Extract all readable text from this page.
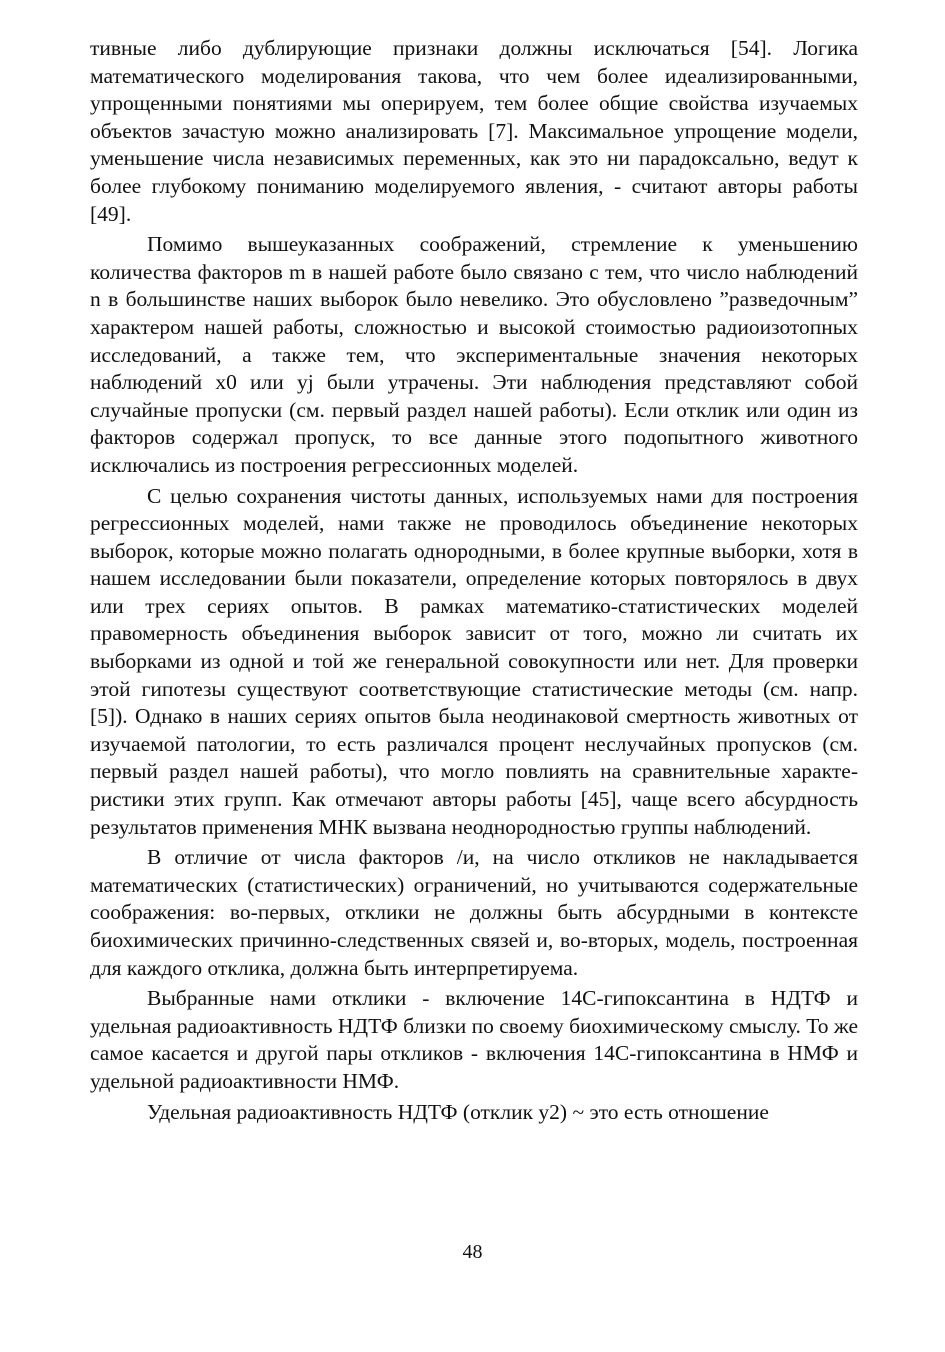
тивные либо дублирующие признаки должны исключаться [54]. Логика математического моделирования такова, что чем более идеализированными, упрощенными понятиями мы оперируем, тем более общие свойства изучаемых объектов зачастую можно анализировать [7]. Максимальное упрощение модели, уменьшение числа независимых переменных, как это ни парадоксально, ведут к более глубокому пониманию моделируемого явления, - считают авторы работы [49].

Помимо вышеуказанных соображений, стремление к уменьшению количества факторов m в нашей работе было связано с тем, что число наблюдений n в большинстве наших выборок было невелико. Это обусловлено ”разведочным” характером нашей работы, сложностью и высокой стоимостью радиоизотопных исследований, а также тем, что экспериментальные значения некоторых наблюдений x0 или yj были утрачены. Эти наблюдения представляют собой случайные пропуски (см. первый раздел нашей работы). Если отклик или один из факторов содержал пропуск, то все данные этого подопытного животного исключались из построения регрессионных моделей.

С целью сохранения чистоты данных, используемых нами для построения регрессионных моделей, нами также не проводилось объединение некоторых выборок, которые можно полагать однородными, в более крупные выборки, хотя в нашем исследовании были показатели, определение которых повторялось в двух или трех сериях опытов. В рамках математико-статистических моделей правомерность объединения выборок зависит от того, можно ли считать их выборками из одной и той же генеральной совокупности или нет. Для проверки этой гипотезы существуют соответствующие статистические методы (см. напр. [5]). Однако в наших сериях опытов была неодинаковой смертность животных от изучаемой патологии, то есть различался процент неслучайных пропусков (см. первый раздел нашей работы), что могло повлиять на сравнительные характеристики этих групп. Как отмечают авторы работы [45], чаще всего абсурдность результатов применения МНК вызвана неоднородностью группы наблюдений.

В отличие от числа факторов /и, на число откликов не накладывается математических (статистических) ограничений, но учитываются содержательные соображения: во-первых, отклики не должны быть абсурдными в контексте биохимических причинно-следственных связей и, во-вторых, модель, построенная для каждого отклика, должна быть интерпретируема.

Выбранные нами отклики - включение 14С-гипоксантина в НДТФ и удельная радиоактивность НДТФ близки по своему биохимическому смыслу. То же самое касается и другой пары откликов - включения 14С-гипоксантина в НМФ и удельной радиоактивности НМФ.

Удельная радиоактивность НДТФ (отклик y2) ~ это есть отношение

48
